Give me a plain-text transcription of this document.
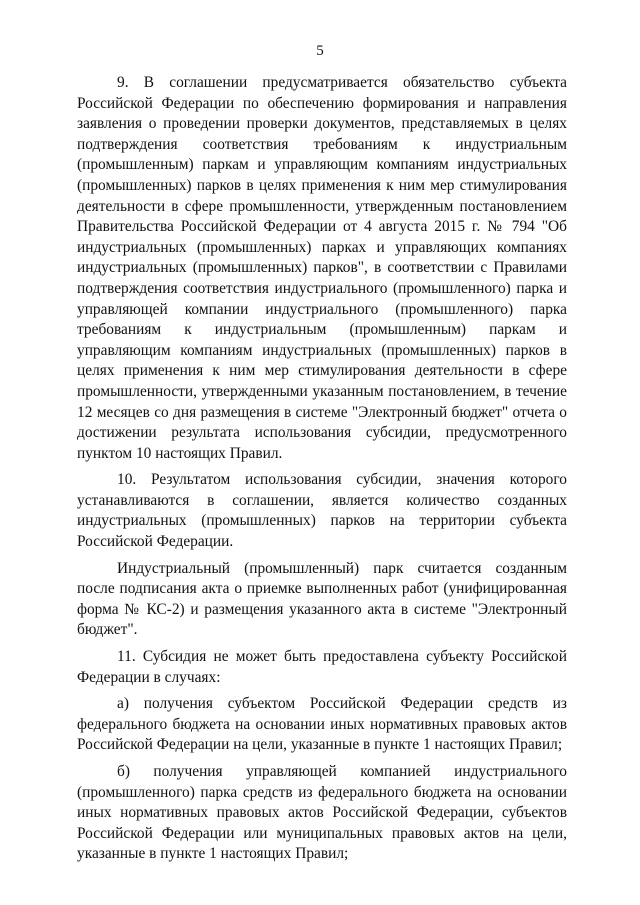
5

9. В соглашении предусматривается обязательство субъекта Российской Федерации по обеспечению формирования и направления заявления о проведении проверки документов, представляемых в целях подтверждения соответствия требованиям к индустриальным (промышленным) паркам и управляющим компаниям индустриальных (промышленных) парков в целях применения к ним мер стимулирования деятельности в сфере промышленности, утвержденным постановлением Правительства Российской Федерации от 4 августа 2015 г. № 794 "Об индустриальных (промышленных) парках и управляющих компаниях индустриальных (промышленных) парков", в соответствии с Правилами подтверждения соответствия индустриального (промышленного) парка и управляющей компании индустриального (промышленного) парка требованиям к индустриальным (промышленным) паркам и управляющим компаниям индустриальных (промышленных) парков в целях применения к ним мер стимулирования деятельности в сфере промышленности, утвержденными указанным постановлением, в течение 12 месяцев со дня размещения в системе "Электронный бюджет" отчета о достижении результата использования субсидии, предусмотренного пунктом 10 настоящих Правил.

10. Результатом использования субсидии, значения которого устанавливаются в соглашении, является количество созданных индустриальных (промышленных) парков на территории субъекта Российской Федерации.

Индустриальный (промышленный) парк считается созданным после подписания акта о приемке выполненных работ (унифицированная форма № КС-2) и размещения указанного акта в системе "Электронный бюджет".

11. Субсидия не может быть предоставлена субъекту Российской Федерации в случаях:

а) получения субъектом Российской Федерации средств из федерального бюджета на основании иных нормативных правовых актов Российской Федерации на цели, указанные в пункте 1 настоящих Правил;

б) получения управляющей компанией индустриального (промышленного) парка средств из федерального бюджета на основании иных нормативных правовых актов Российской Федерации, субъектов Российской Федерации или муниципальных правовых актов на цели, указанные в пункте 1 настоящих Правил;
